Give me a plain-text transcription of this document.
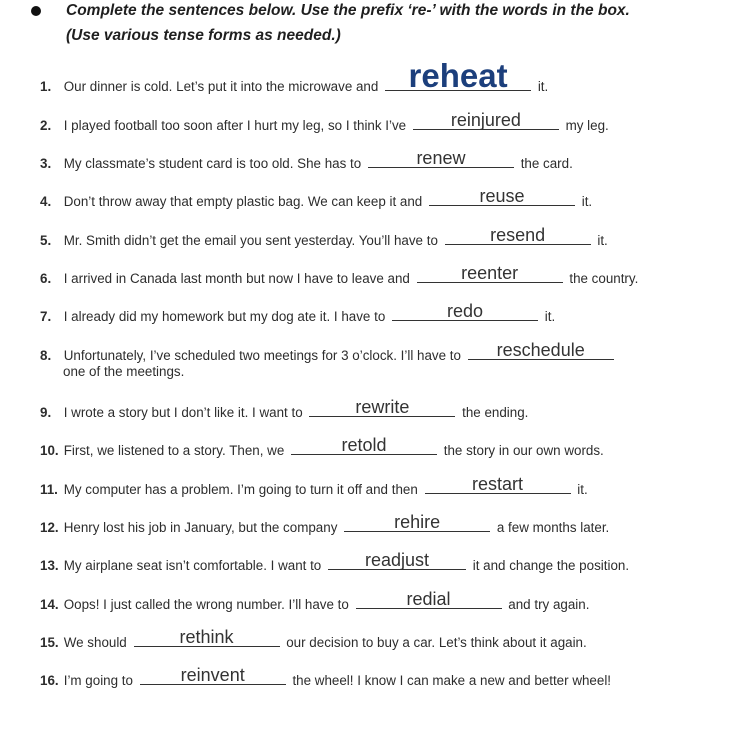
Complete the sentences below. Use the prefix ‘re-’ with the words in the box.
(Use various tense forms as needed.)
1. Our dinner is cold. Let’s put it into the microwave and reheat	it.
2. I played football too soon after I hurt my leg, so I think I’ve	reinjured	my leg.
3. My classmate’s student card is too old. She has to	renew	the card.
4. Don’t throw away that empty plastic bag. We can keep it and	reuse	it.
5. Mr. Smith didn’t get the email you sent yesterday. You’ll have to	resend	it.
6. I arrived in Canada last month but now I have to leave and	reenter	the country.
7. I already did my homework but my dog ate it. I have to	redo	it.
8. Unfortunately, I’ve scheduled two meetings for 3 o’clock. I’ll have to	reschedule
one of the meetings.
9. I wrote a story but I don’t like it. I want to	rewrite	the ending.
10. First, we listened to a story. Then, we	retold	the story in our own words.
11. My computer has a problem. I’m going to turn it off and then	restart	it.
12. Henry lost his job in January, but the company	rehire	a few months later.
13. My airplane seat isn’t comfortable. I want to	readjust	it and change the position.
14. Oops! I just called the wrong number. I’ll have to	redial	and try again.
15. We should	rethink	our decision to buy a car. Let’s think about it again.
16. I’m going to	reinvent	the wheel! I know I can make a new and better wheel!
